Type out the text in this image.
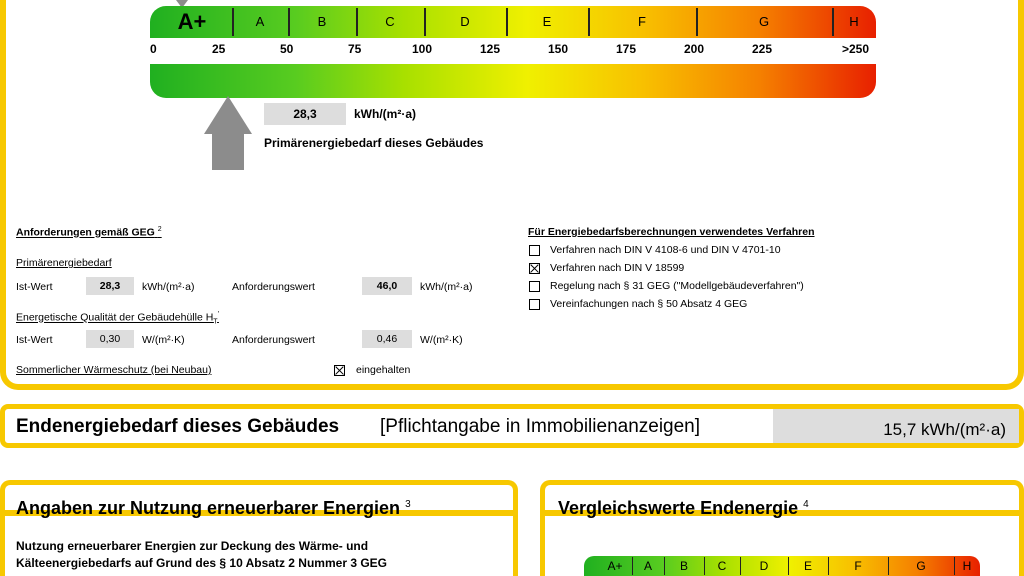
A+	A	B	C	D	E	F	G	H
0	25	50	75	100	125	150	175	200	225	>250
28,3	kWh/(m²·a)
Primärenergiebedarf dieses Gebäudes
Anforderungen gemäß GEG $^2$
Primärenergiebedarf
Ist-Wert	28,3	kWh/(m²·a)	Anforderungswert	46,0	kWh/(m²·a)
Energetische Qualität der Gebäudehülle $H_T'$
Ist-Wert	0,30	W/(m²·K)	Anforderungswert	0,46	W/(m²·K)
Sommerlicher Wärmeschutz (bei Neubau)	eingehalten
Für Energiebedarfsberechnungen verwendetes Verfahren
Verfahren nach DIN V 4108-6 und DIN V 4701-10
Verfahren nach DIN V 18599
Regelung nach § 31 GEG ("Modellgebäudeverfahren")
Vereinfachungen nach § 50 Absatz 4 GEG
Endenergiebedarf dieses Gebäudes [Pflichtangabe in Immobilienanzeigen]	15,7 kWh/(m²·a)
Angaben zur Nutzung erneuerbarer Energien $^3$
Nutzung erneuerbarer Energien zur Deckung des Wärme- und
Kälteenergiebedarfs auf Grund des § 10 Absatz 2 Nummer 3 GEG
Vergleichswerte Endenergie $^4$
A+	A	B	C	D	E	F	G	H
